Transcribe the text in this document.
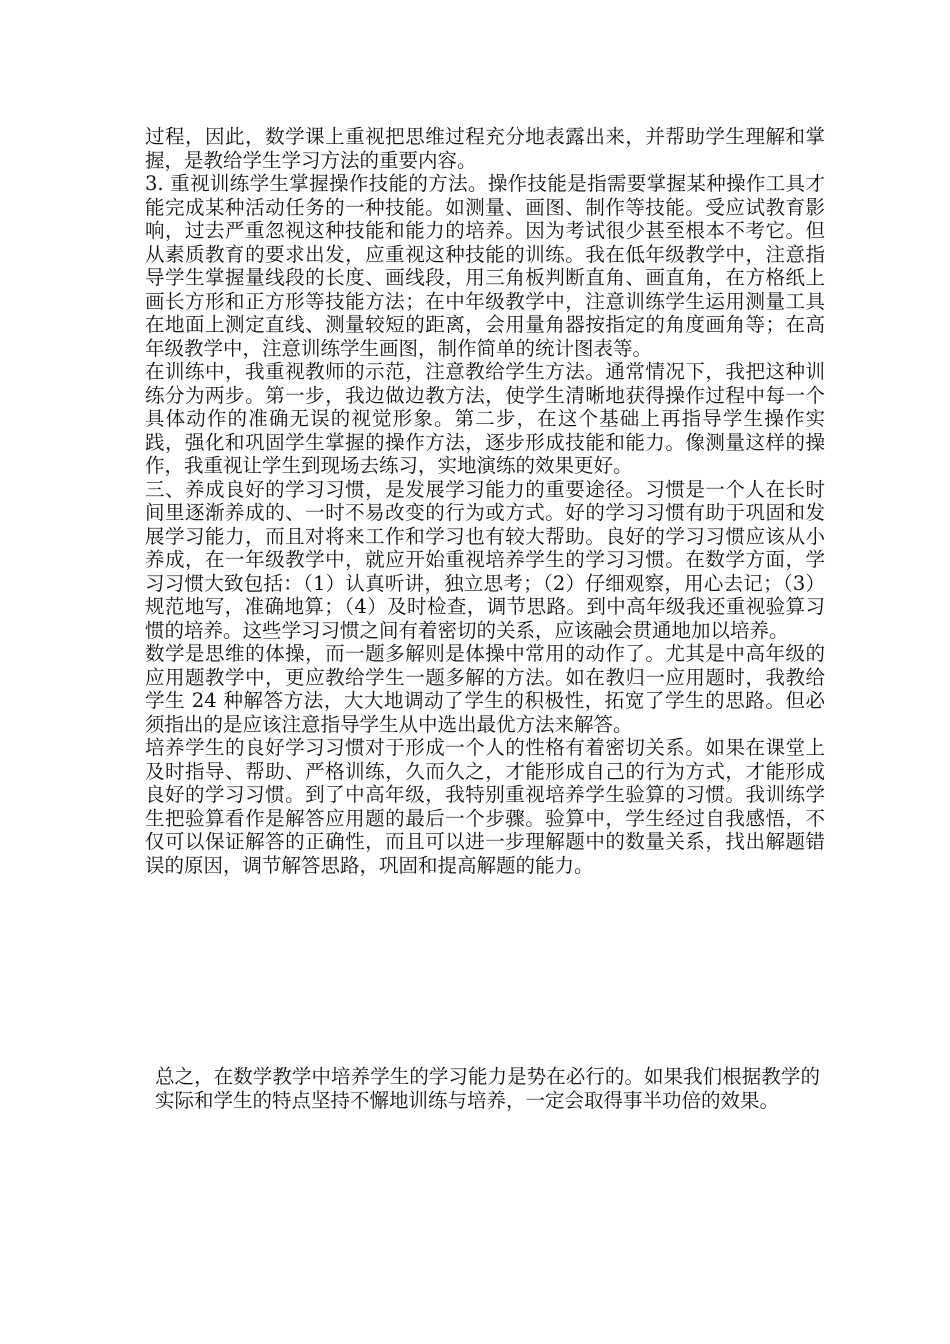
过程，因此，数学课上重视把思维过程充分地表露出来，并帮助学生理解和掌握，是教给学生学习方法的重要内容。

3. 重视训练学生掌握操作技能的方法。操作技能是指需要掌握某种操作工具才能完成某种活动任务的一种技能。如测量、画图、制作等技能。受应试教育影响，过去严重忽视这种技能和能力的培养。因为考试很少甚至根本不考它。但从素质教育的要求出发，应重视这种技能的训练。我在低年级教学中，注意指导学生掌握量线段的长度、画线段，用三角板判断直角、画直角，在方格纸上画长方形和正方形等技能方法；在中年级教学中，注意训练学生运用测量工具在地面上测定直线、测量较短的距离，会用量角器按指定的角度画角等；在高年级教学中，注意训练学生画图，制作简单的统计图表等。

在训练中，我重视教师的示范，注意教给学生方法。通常情况下，我把这种训练分为两步。第一步，我边做边教方法，使学生清晰地获得操作过程中每一个具体动作的准确无误的视觉形象。第二步，在这个基础上再指导学生操作实践，强化和巩固学生掌握的操作方法，逐步形成技能和能力。像测量这样的操作，我重视让学生到现场去练习，实地演练的效果更好。

三、养成良好的学习习惯，是发展学习能力的重要途径。习惯是一个人在长时间里逐渐养成的、一时不易改变的行为或方式。好的学习习惯有助于巩固和发展学习能力，而且对将来工作和学习也有较大帮助。良好的学习习惯应该从小养成，在一年级教学中，就应开始重视培养学生的学习习惯。在数学方面，学习习惯大致包括：（1）认真听讲，独立思考；（2）仔细观察，用心去记；（3）规范地写，准确地算；（4）及时检查，调节思路。到中高年级我还重视验算习惯的培养。这些学习习惯之间有着密切的关系，应该融会贯通地加以培养。

数学是思维的体操，而一题多解则是体操中常用的动作了。尤其是中高年级的应用题教学中，更应教给学生一题多解的方法。如在教归一应用题时，我教给学生 24 种解答方法，大大地调动了学生的积极性，拓宽了学生的思路。但必须指出的是应该注意指导学生从中选出最优方法来解答。

培养学生的良好学习习惯对于形成一个人的性格有着密切关系。如果在课堂上及时指导、帮助、严格训练，久而久之，才能形成自己的行为方式，才能形成良好的学习习惯。到了中高年级，我特别重视培养学生验算的习惯。我训练学生把验算看作是解答应用题的最后一个步骤。验算中，学生经过自我感悟，不仅可以保证解答的正确性，而且可以进一步理解题中的数量关系，找出解题错误的原因，调节解答思路，巩固和提高解题的能力。

总之，在数学教学中培养学生的学习能力是势在必行的。如果我们根据教学的实际和学生的特点坚持不懈地训练与培养，一定会取得事半功倍的效果。
